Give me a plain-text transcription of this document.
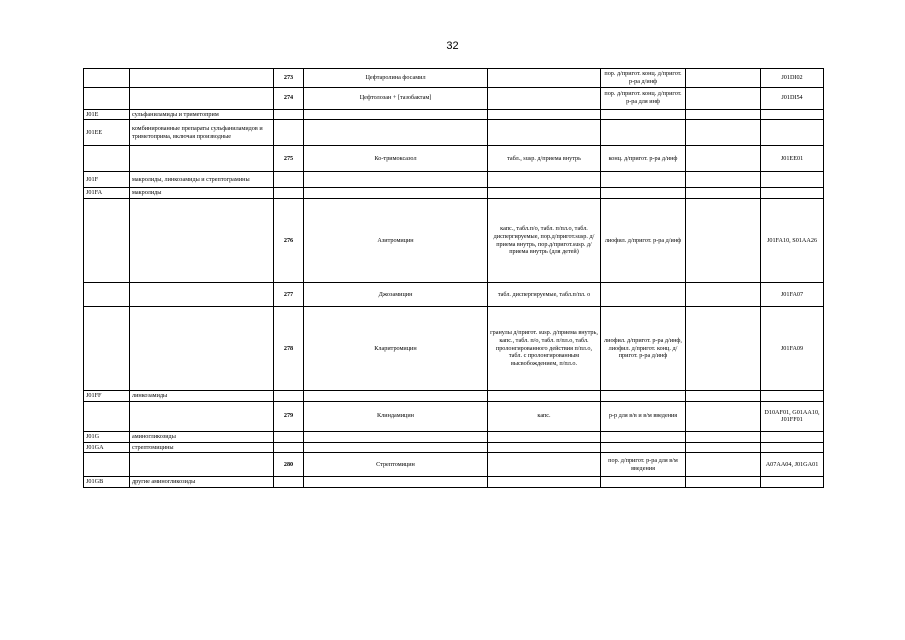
32
		273	Цефтаролина фосамил		пор. д/пригот. конц. д/пригот. р-ра д/инф		J01DI02
		274	Цефтолозан + [тазобактам]		пор. д/пригот. конц. д/пригот. р-ра для инф		J01DI54
J01E	сульфаниламиды и триметоприм						
J01EE	комбинированные препараты сульфаниламидов и триметоприма, включая производные						
		275	Ко-тримоксазол	табл., susp. д/приема внутрь	конц. д/пригот. р-ра д/инф		J01EE01
J01F	макролиды, линкозамиды и стрептограмины						
J01FA	макролиды						
		276	Азитромицин	капс., табл.п/о, табл. п/пл.о, табл. диспергируемые, пор.д/пригот.susp. д/приема внутрь, пор.д/пригот.susp. д/приема внутрь (для детей)	лиофил. д/пригот. р-ра д/инф		J01FA10, S01AA26
		277	Джозамицин	табл. диспергируемые, табл.п/пл. о			J01FA07
		278	Кларитромицин	гранулы д/пригот. susp. д/приема внутрь, капс., табл. п/о, табл. п/пл.о, табл. пролонгированного действия п/пл.о, табл. с пролонгированным высвобождением, п/пл.о.	лиофил. д/пригот. р-ра д/инф, лиофил. д/пригот. конц. д/пригот. р-ра д/инф		J01FA09
J01FF	линкозамиды						
		279	Клиндамицин	капс.	р-р для в/в и в/м введения		D10AF01, G01AA10, J01FF01
J01G	аминогликозиды						
J01GA	стрептомицины						
		280	Стрептомицин		пор. д/пригот. р-ра для в/м введения		A07AA04, J01GA01
J01GB	другие аминогликозиды						
